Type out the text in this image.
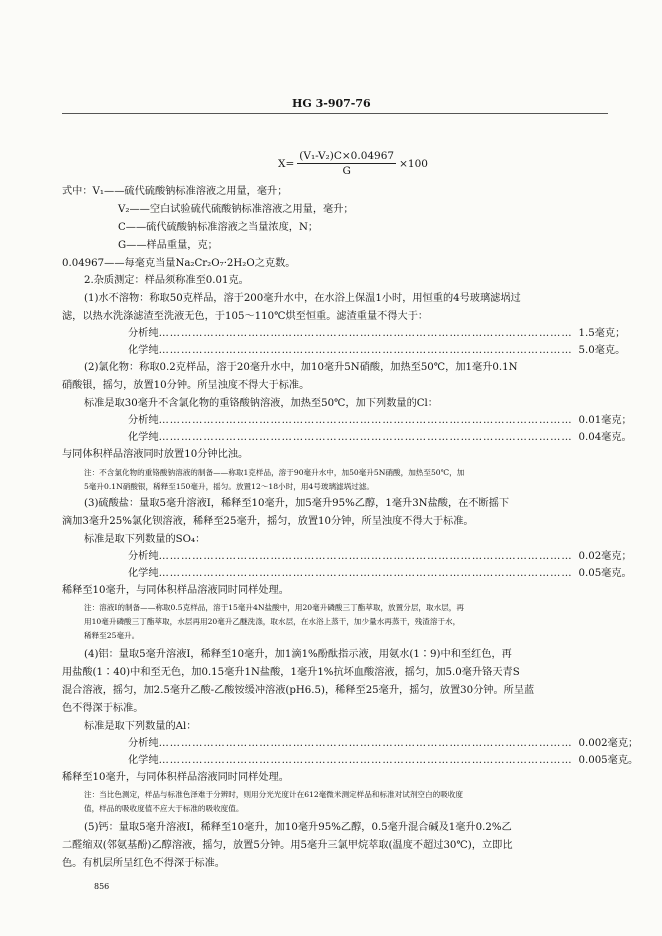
HG 3-907-76
$X= \frac{\text{(V₁-V₂)C×0.04967}}{G} \times 100$
式中：V₁——硫代硫酸钠标准溶液之用量，毫升；
V₂——空白试验硫代硫酸钠标准溶液之用量，毫升；
C——硫代硫酸钠标准溶液之当量浓度，N；
G——样品重量，克；
0.04967——每毫克当量Na₂Cr₂O₇·2H₂O之克数。
2.杂质测定：样品须称准至0.01克。
(1)水不溶物：称取50克样品，溶于200毫升水中，在水浴上保温1小时，用恒重的4号玻璃滤埚过
滤，以热水洗涤滤渣至洗液无色，于105～110℃烘至恒重。滤渣重量不得大于：
分析纯 ………………………………………………………………………………………………… 1.5毫克；
化学纯 ………………………………………………………………………………………………… 5.0毫克。
(2)氯化物：称取0.2克样品，溶于20毫升水中，加10毫升5N硝酸，加热至50℃，加1毫升0.1N
硝酸银，摇匀，放置10分钟。所呈浊度不得大于标准。
标准是取30毫升不含氯化物的重铬酸钠溶液，加热至50℃，加下列数量的Cl：
分析纯 ………………………………………………………………………………………………… 0.01毫克；
化学纯 ………………………………………………………………………………………………… 0.04毫克。
与同体积样品溶液同时放置10分钟比浊。
注：不含氯化物的重铬酸钠溶液的制备——称取1克样品，溶于90毫升水中，加50毫升5N硝酸，加热至50℃，加
5毫升0.1N硝酸银，稀释至150毫升，摇匀。放置12～18小时，用4号玻璃滤埚过滤。
(3)硫酸盐：量取5毫升溶液Ⅰ，稀释至10毫升，加5毫升95%乙醇，1毫升3N盐酸，在不断摇下
滴加3毫升25%氯化钡溶液，稀释至25毫升，摇匀，放置10分钟，所呈浊度不得大于标准。
标准是取下列数量的SO₄：
分析纯 ………………………………………………………………………………………………… 0.02毫克；
化学纯 ………………………………………………………………………………………………… 0.05毫克。
稀释至10毫升，与同体积样品溶液同时同样处理。
注：溶液Ⅰ的制备——称取0.5克样品，溶于15毫升4N盐酸中，用20毫升磷酸三丁酯萃取，放置分层，取水层，再
用10毫升磷酸三丁酯萃取，水层再用20毫升乙醚洗涤，取水层，在水浴上蒸干，加少量水再蒸干，残渣溶于水，
稀释至25毫升。
(4)铝：量取5毫升溶液Ⅰ，稀释至10毫升，加1滴1%酚酞指示液，用氨水(1∶9)中和至红色，再
用盐酸(1∶40)中和至无色，加0.15毫升1N盐酸，1毫升1%抗坏血酸溶液，摇匀，加5.0毫升铬天青S
混合溶液，摇匀，加2.5毫升乙酸-乙酸铵缓冲溶液(pH6.5)，稀释至25毫升，摇匀，放置30分钟。所呈蓝
色不得深于标准。
标准是取下列数量的Al：
分析纯 ………………………………………………………………………………………………… 0.002毫克；
化学纯 ………………………………………………………………………………………………… 0.005毫克。
稀释至10毫升，与同体积样品溶液同时同样处理。
注：当比色测定，样品与标准色泽难于分辨时，则用分光光度计在612毫微米测定样品和标准对试剂空白的吸收度
值，样品的吸收度值不应大于标准的吸收度值。
(5)钙：量取5毫升溶液Ⅰ，稀释至10毫升，加10毫升95%乙醇，0.5毫升混合碱及1毫升0.2%乙
二醛缩双(邻氨基酚)乙醇溶液，摇匀，放置5分钟。用5毫升三氯甲烷萃取(温度不超过30℃)，立即比
色。有机层所呈红色不得深于标准。
856
